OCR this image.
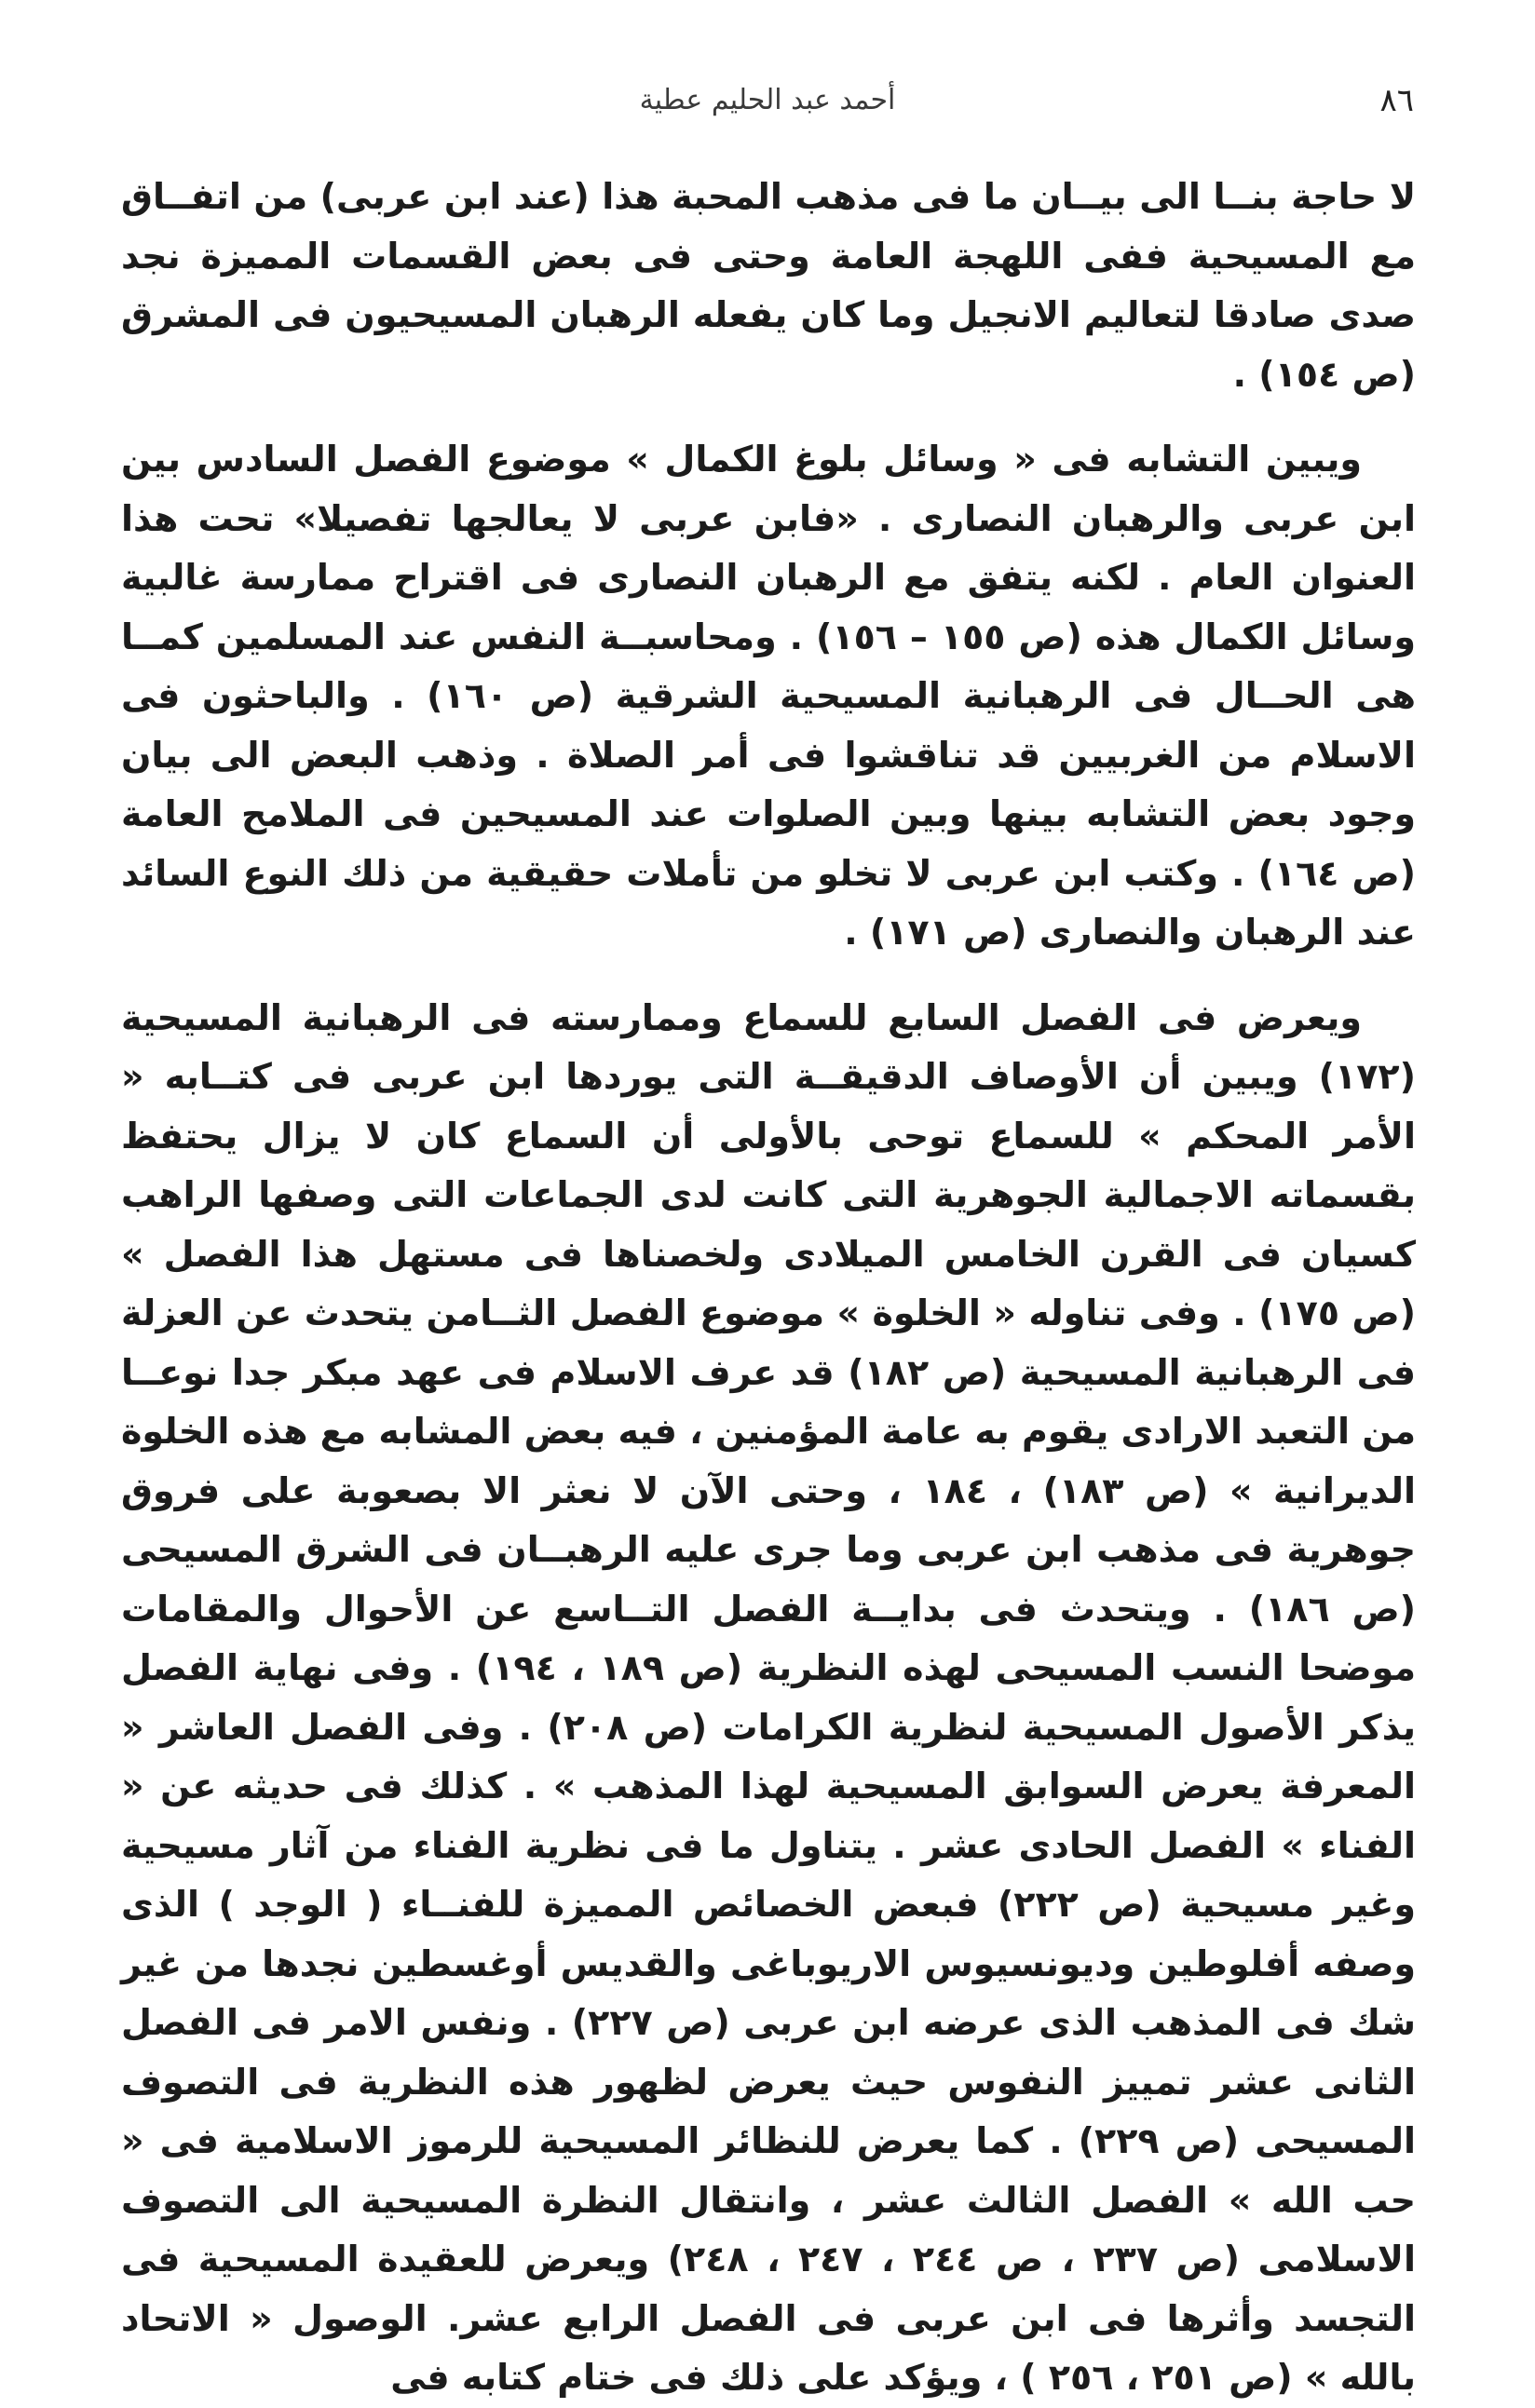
٨٦
أحمد عبد الحليم عطية

لا حاجة بنــا الى بيــان ما فى مذهب المحبة هذا (عند ابن عربى) من اتفــاق مع المسيحية ففى اللهجة العامة وحتى فى بعض القسمات المميزة نجد صدى صادقا لتعاليم الانجيل وما كان يفعله الرهبان المسيحيون فى المشرق (ص ١٥٤) .

ويبين التشابه فى « وسائل بلوغ الكمال » موضوع الفصل السادس بين ابن عربى والرهبان النصارى . «فابن عربى لا يعالجها تفصيلا» تحت هذا العنوان العام . لكنه يتفق مع الرهبان النصارى فى اقتراح ممارسة غالبية وسائل الكمال هذه (ص ١٥٥ – ١٥٦) . ومحاسبــة النفس عند المسلمين كمــا هى الحــال فى الرهبانية المسيحية الشرقية (ص ١٦٠) . والباحثون فى الاسلام من الغربيين قد تناقشوا فى أمر الصلاة . وذهب البعض الى بيان وجود بعض التشابه بينها وبين الصلوات عند المسيحين فى الملامح العامة (ص ١٦٤) . وكتب ابن عربى لا تخلو من تأملات حقيقية من ذلك النوع السائد عند الرهبان والنصارى (ص ١٧١) .

ويعرض فى الفصل السابع للسماع وممارسته فى الرهبانية المسيحية (١٧٢) ويبين أن الأوصاف الدقيقــة التى يوردها ابن عربى فى كتــابه « الأمر المحكم » للسماع توحى بالأولى أن السماع كان لا يزال يحتفظ بقسماته الاجمالية الجوهرية التى كانت لدى الجماعات التى وصفها الراهب كسيان فى القرن الخامس الميلادى ولخصناها فى مستهل هذا الفصل » (ص ١٧٥) . وفى تناوله « الخلوة » موضوع الفصل الثــامن يتحدث عن العزلة فى الرهبانية المسيحية (ص ١٨٢) قد عرف الاسلام فى عهد مبكر جدا نوعــا من التعبد الارادى يقوم به عامة المؤمنين ، فيه بعض المشابه مع هذه الخلوة الديرانية » (ص ١٨٣) ، ١٨٤ ، وحتى الآن لا نعثر الا بصعوبة على فروق جوهرية فى مذهب ابن عربى وما جرى عليه الرهبــان فى الشرق المسيحى (ص ١٨٦) . ويتحدث فى بدايــة الفصل التــاسع عن الأحوال والمقامات موضحا النسب المسيحى لهذه النظرية (ص ١٨٩ ، ١٩٤) . وفى نهاية الفصل يذكر الأصول المسيحية لنظرية الكرامات (ص ٢٠٨) . وفى الفصل العاشر « المعرفة يعرض السوابق المسيحية لهذا المذهب » . كذلك فى حديثه عن « الفناء » الفصل الحادى عشر . يتناول ما فى نظرية الفناء من آثار مسيحية وغير مسيحية (ص ٢٢٢) فبعض الخصائص المميزة للفنــاء ( الوجد ) الذى وصفه أفلوطين وديونسيوس الاريوباغى والقديس أوغسطين نجدها من غير شك فى المذهب الذى عرضه ابن عربى (ص ٢٢٧) . ونفس الامر فى الفصل الثانى عشر تمييز النفوس حيث يعرض لظهور هذه النظرية فى التصوف المسيحى (ص ٢٢٩) . كما يعرض للنظائر المسيحية للرموز الاسلامية فى « حب الله » الفصل الثالث عشر ، وانتقال النظرة المسيحية الى التصوف الاسلامى (ص ٢٣٧ ، ص ٢٤٤ ، ٢٤٧ ، ٢٤٨) ويعرض للعقيدة المسيحية فى التجسد وأثرها فى ابن عربى فى الفصل الرابع عشر. الوصول « الاتحاد بالله » (ص ٢٥١ ، ٢٥٦ ) ، ويؤكد على ذلك فى ختام كتابه فى
